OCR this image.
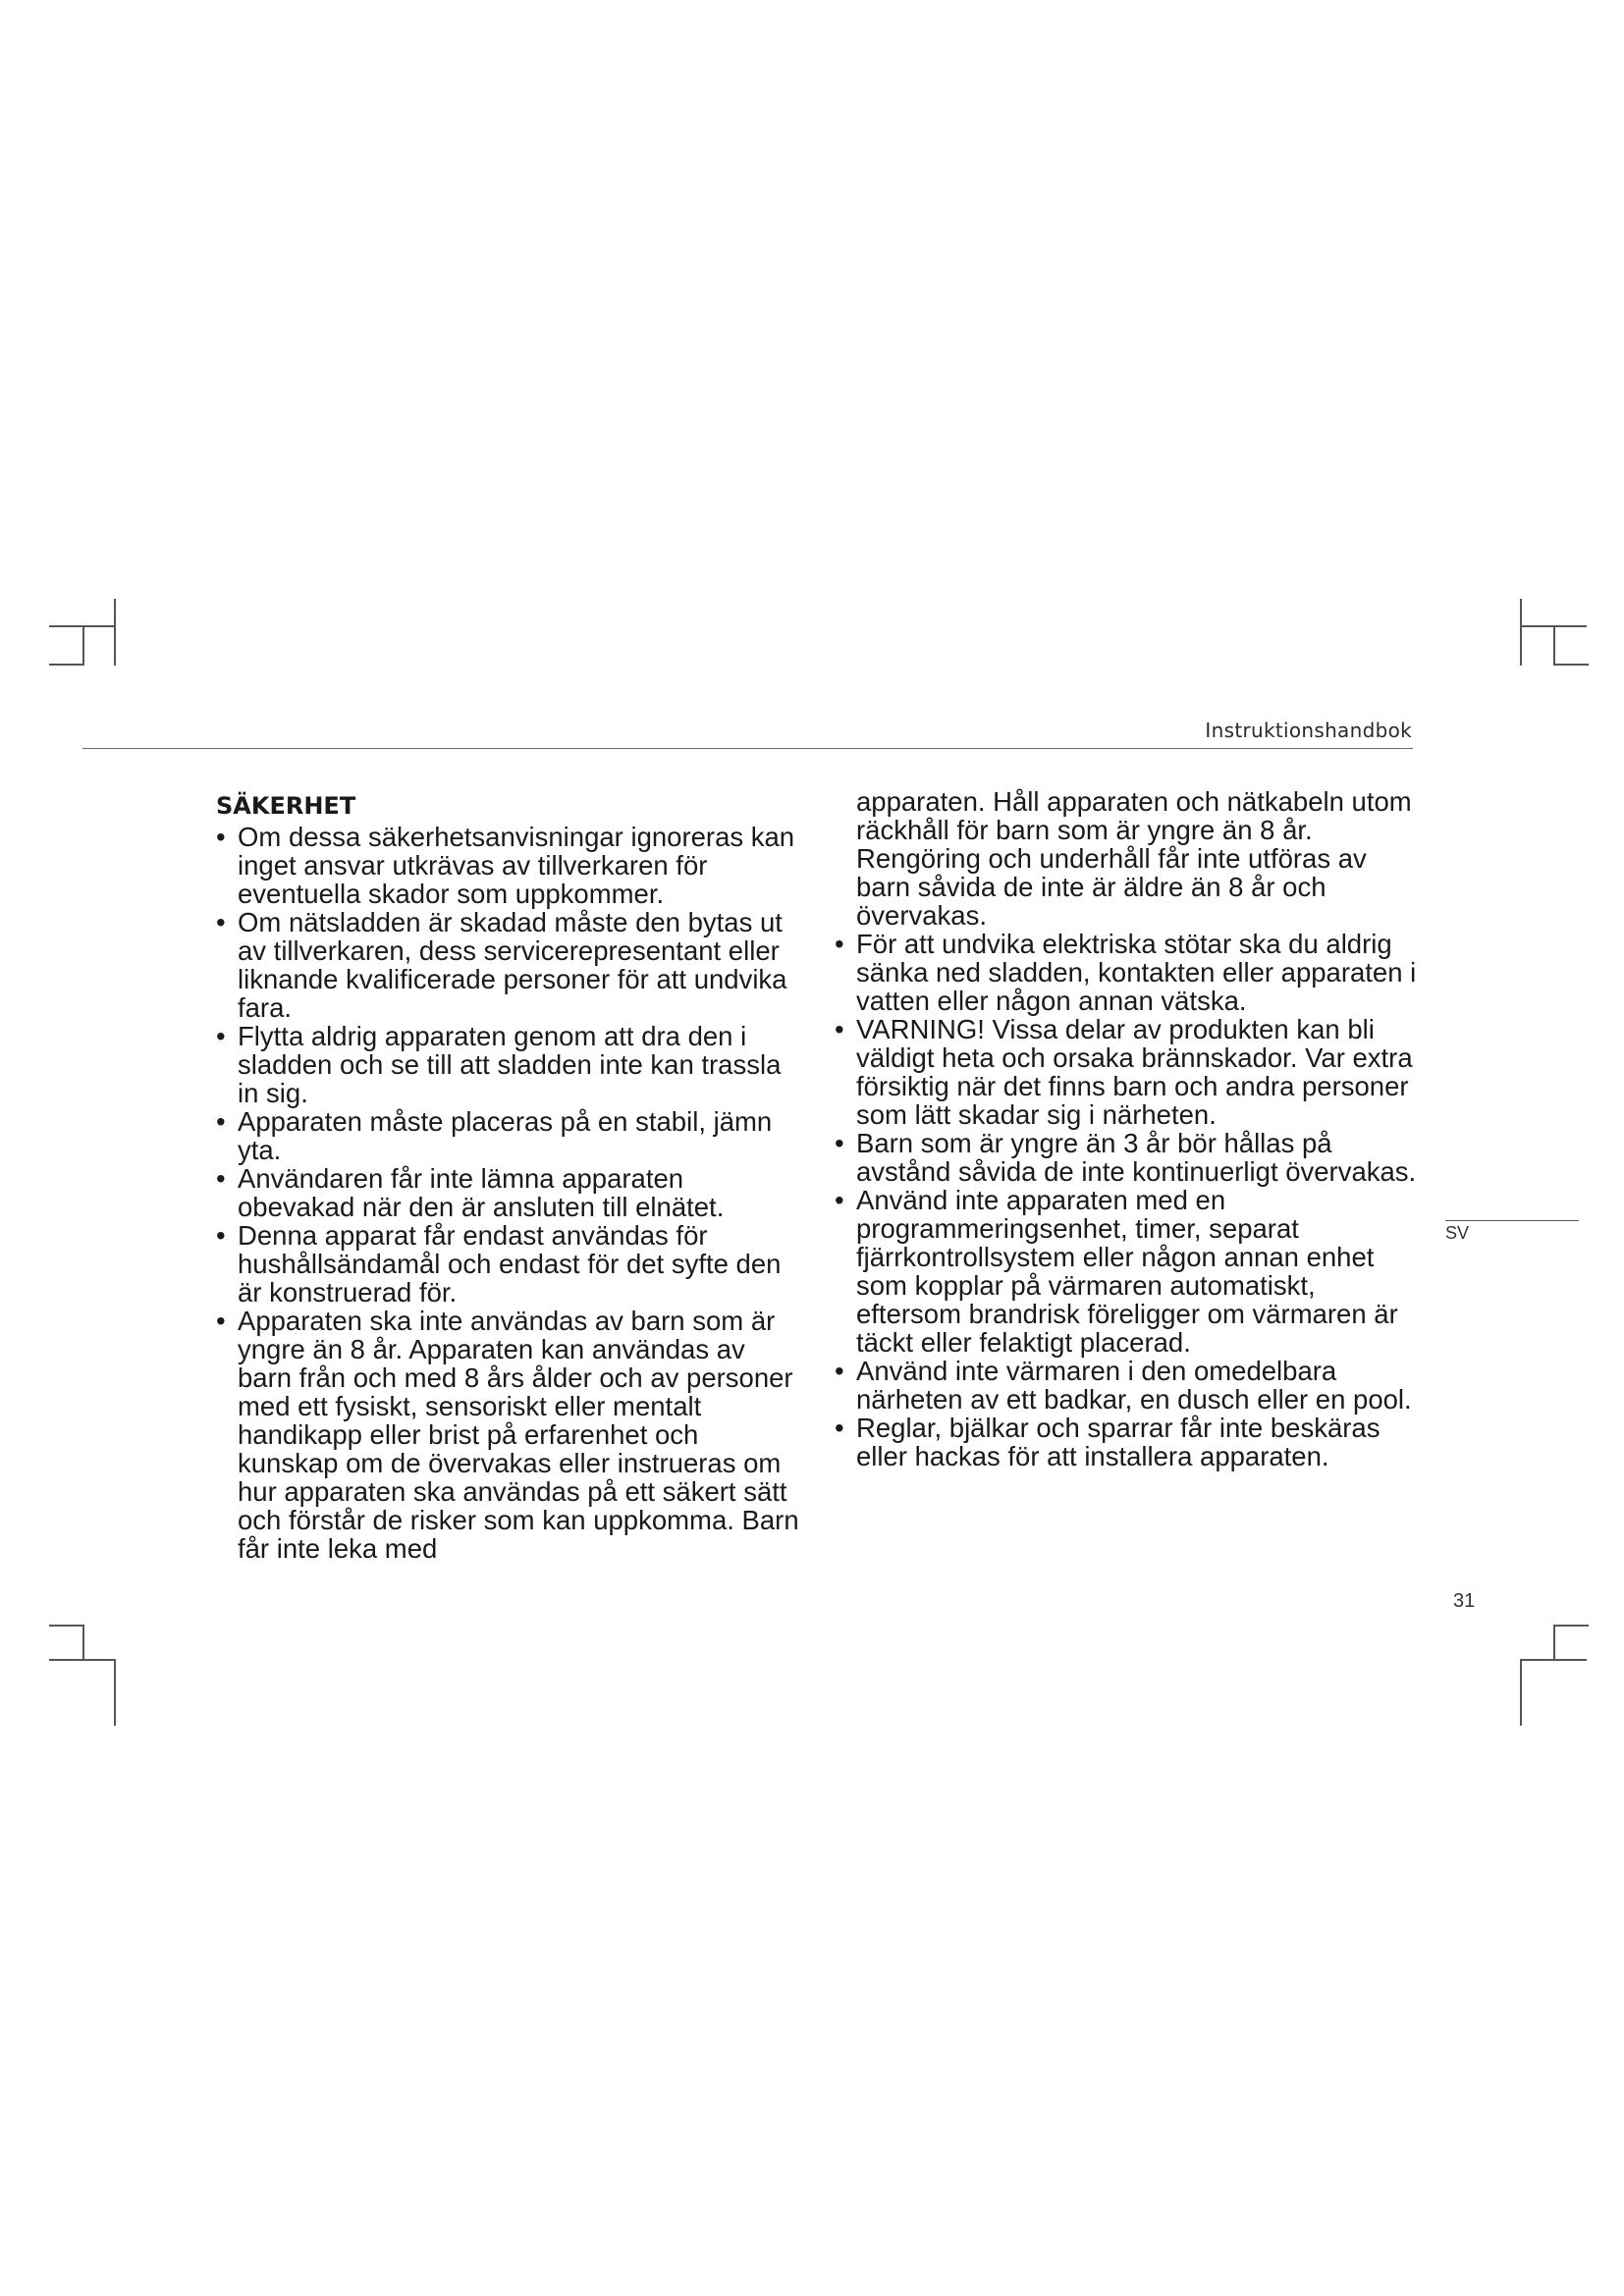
Instruktionshandbok
SÄKERHET
• Om dessa säkerhetsanvisningar ignoreras kan inget ansvar utkrävas av tillverkaren för eventuella skador som uppkommer.
• Om nätsladden är skadad måste den bytas ut av tillverkaren, dess servicerepresentant eller liknande kvalificerade personer för att undvika fara.
• Flytta aldrig apparaten genom att dra den i sladden och se till att sladden inte kan trassla in sig.
• Apparaten måste placeras på en stabil, jämn yta.
• Användaren får inte lämna apparaten obevakad när den är ansluten till elnätet.
• Denna apparat får endast användas för hushållsändamål och endast för det syfte den är konstruerad för.
• Apparaten ska inte användas av barn som är yngre än 8 år. Apparaten kan användas av barn från och med 8 års ålder och av personer med ett fysiskt, sensoriskt eller mentalt handikapp eller brist på erfarenhet och kunskap om de övervakas eller instrueras om hur apparaten ska användas på ett säkert sätt och förstår de risker som kan uppkomma. Barn får inte leka med
apparaten. Håll apparaten och nätkabeln utom räckhåll för barn som är yngre än 8 år. Rengöring och underhåll får inte utföras av barn såvida de inte är äldre än 8 år och övervakas.
• För att undvika elektriska stötar ska du aldrig sänka ned sladden, kontakten eller apparaten i vatten eller någon annan vätska.
• VARNING! Vissa delar av produkten kan bli väldigt heta och orsaka brännskador. Var extra försiktig när det finns barn och andra personer som lätt skadar sig i närheten.
• Barn som är yngre än 3 år bör hållas på avstånd såvida de inte kontinuerligt övervakas.
• Använd inte apparaten med en programmeringsenhet, timer, separat fjärrkontrollsystem eller någon annan enhet som kopplar på värmaren automatiskt, eftersom brandrisk föreligger om värmaren är täckt eller felaktigt placerad.
• Använd inte värmaren i den omedelbara närheten av ett badkar, en dusch eller en pool.
• Reglar, bjälkar och sparrar får inte beskäras eller hackas för att installera apparaten.
SV
31
